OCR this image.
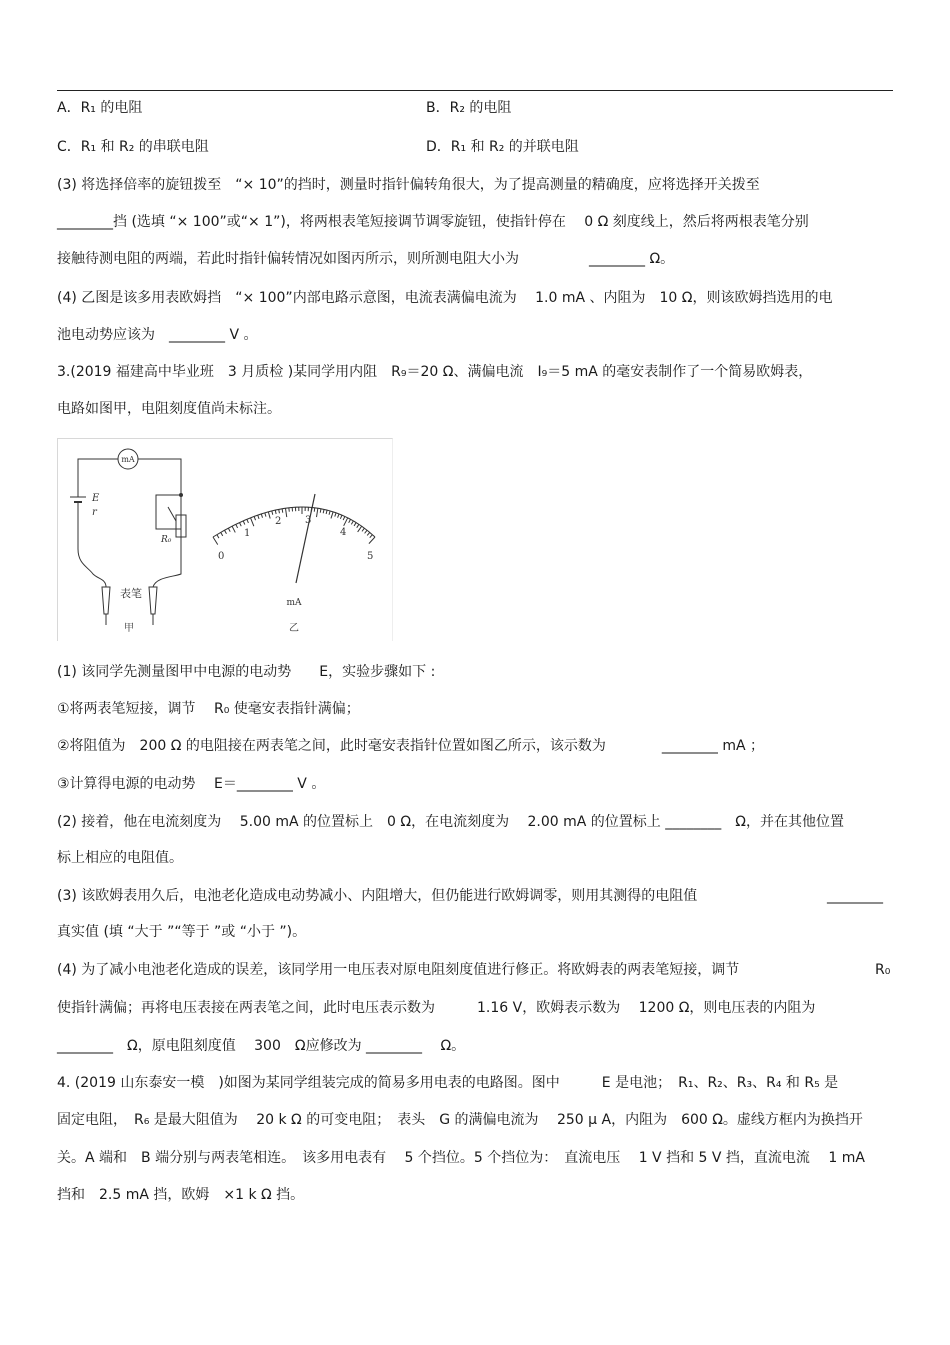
A．R₁ 的电阻	B．R₂ 的电阻
C．R₁ 和 R₂ 的串联电阻	D．R₁ 和 R₂ 的并联电阻
(3) 将选择倍率的旋钮拨至　“× 10”的挡时，测量时指针偏转角很大，为了提高测量的精确度，应将选择开关拨至
________挡 (选填 “× 100”或“× 1”)，将两根表笔短接调节调零旋钮，使指针停在　 0 Ω 刻度线上，然后将两根表笔分别
接触待测电阻的两端，若此时指针偏转情况如图丙所示，则所测电阻大小为　　　　　________ Ω。
(4) 乙图是该多用表欧姆挡　“× 100”内部电路示意图，电流表满偏电流为　 1.0 mA 、内阻为　10 Ω，则该欧姆挡选用的电
池电动势应该为　________ V 。
3.(2019 福建高中毕业班　3 月质检 )某同学用内阻　R₉＝20 Ω、满偏电流　I₉＝5 mA 的毫安表制作了一个简易欧姆表，
电路如图甲，电阻刻度值尚未标注。
mA
E
r
R₀
表笔
甲
0
1
2 3
4
5
mA
乙
(1) 该同学先测量图甲中电源的电动势　　E，实验步骤如下 :
①将两表笔短接，调节　 R₀ 使毫安表指针满偏；
②将阻值为　200 Ω 的电阻接在两表笔之间，此时毫安表指针位置如图乙所示，该示数为　　　　________ mA ；
③计算得电源的电动势　 E＝________ V 。
(2) 接着，他在电流刻度为　 5.00 mA 的位置标上　0 Ω，在电流刻度为　 2.00 mA 的位置标上 ________　Ω，并在其他位置
标上相应的电阻值。
(3) 该欧姆表用久后，电池老化造成电动势减小、内阻增大，但仍能进行欧姆调零，则用其测得的电阻值	________
真实值 (填 “大于 ”“等于 ”或 “小于 ”)。
(4) 为了减小电池老化造成的误差，该同学用一电压表对原电阻刻度值进行修正。将欧姆表的两表笔短接，调节	R₀
使指针满偏；再将电压表接在两表笔之间，此时电压表示数为　　　1.16 V，欧姆表示数为　 1200 Ω，则电压表的内阻为
________　Ω，原电阻刻度值　 300　Ω应修改为 ________　 Ω。
4. (2019 山东泰安一模　)如图为某同学组装完成的简易多用电表的电路图。图中　　　E 是电池；　R₁、R₂、R₃、R₄ 和 R₅ 是
固定电阻，　R₆ 是最大阻值为　 20 k Ω 的可变电阻；　表头　G 的满偏电流为　 250 μ A，内阻为　600 Ω。虚线方框内为换挡开
关。A 端和　B 端分别与两表笔相连。　该多用电表有　 5 个挡位。5 个挡位为：　直流电压　 1 V 挡和 5 V 挡，直流电流　 1 mA
挡和　2.5 mA 挡，欧姆　×1 k Ω 挡。
